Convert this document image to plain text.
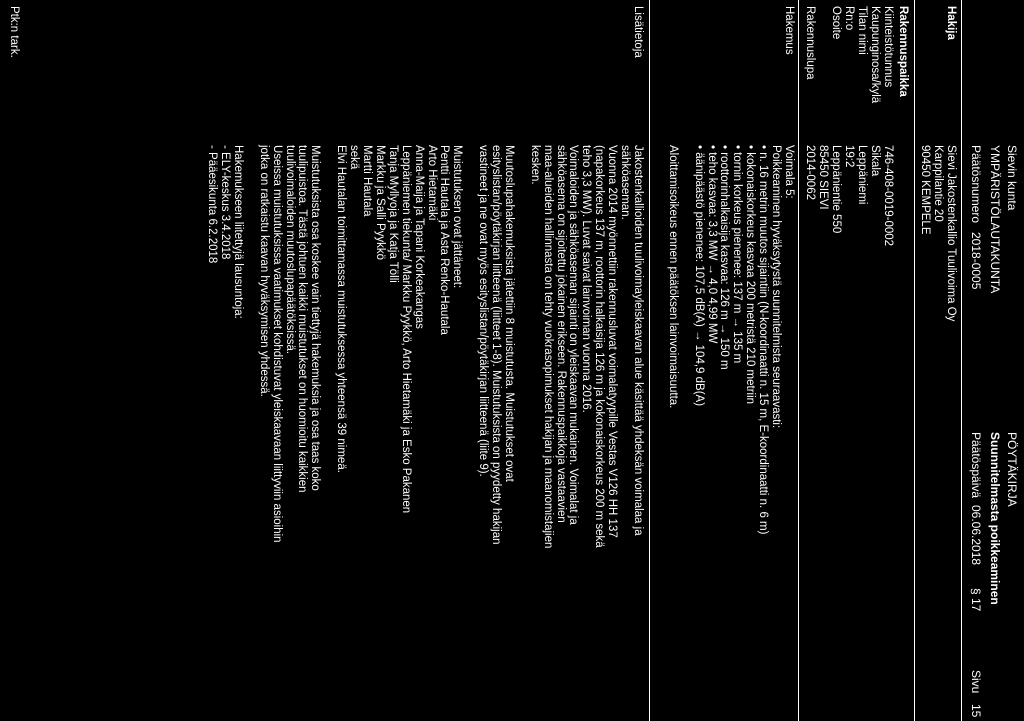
Sievin kunta
PÖYTÄKIRJA
YMPÄRISTÖLAUTAKUNTA
Suunnitelmasta poikkeaminen
Päätösnumero
2018-0005
Päätöspäivä
06.06.2018
§ 17
Sivu
15
Hakija
Sievi Jakostenkallio Tuulivoima Oy
Karppilantie 20
90450 KEMPELE
Rakennuspaikka
Kiinteistötunnus
746-408-0019-0002
Kaupunginosa/kylä
Sikala
Tilan nimi
Leppäniemi
Rn:o
19:2
Osoite
Leppänientie 550
85450 SIEVI
Rakennuslupa
2014-0062
Hakemus
Voimala 5:
Poikkeaminen hyväksytystä suunnitelmista seuraavasti:
• n. 16 metrin muutos sijaintiin (N-koordinaatti n. 15 m, E-koordinaatti n. 6 m)
• kokonaiskorkeus kasvaa 200 metristä 210 metriin
• tornin korkeus pienenee: 137 m → 135 m
• roottorinhalkaisija kasvaa: 126 m → 150 m
• teho kasvaa: 3,3 MW → 4,0 4,99 MW
• äänipäästö pienenee: 107,5 dB(A) → 104,9 dB(A)
Aloittamisoikeus ennen päätöksen lainvoimaisuutta.
Lisätietoja
Jakostenkallioiden tuulivoimayleiskaavan alue käsittää yhdeksän voimalaa ja
sähköaseman.
Vuonna 2014 myönnettiin rakennusluvat voimalatyypille Vestas V126 HH 137
(napakorkeus 137 m, roottorin halkaisija 126 m ja kokonaiskorkeus 200 m sekä
teho 3,3 MW). Luvat saivat lainvoiman vuonna 2016.
Voimaloiden ja sähköaseman sijainti on yleiskaavan mukainen. Voimalat ja
sähköasema on sijoitettu jokainen erikseen. Rakennuspaikkoja vastaavien
maa-alueiden hallinnasta on tehty vuokrasopimukset hakijan ja maanomistajien
kesken.
Muutoslupahakemuksista jätettiin 8 muistutusta. Muistutukset ovat
esityslistan/pöytäkirjan liitteenä (liitteet 1-8). Muistutuksista on pyydetty hakijan
vastineet ja ne ovat myös esityslistan/pöytäkirjan liitteenä (liite 9).
Muistutuksen ovat jättäneet:
Pentti Hautala ja Asta Renko-Hautala
Arto Hietamäki
Anna-Maija ja Tapani Korkeakangas
Leppäniemen tiekunta/ Markku Pyykkö, Arto Hietamäki ja Esko Pakanen
Tanja Myllyoja ja Katja Tölli
Markku ja Salli Pyykkö
Martti Hautala
sekä
Elvi Hautalan toimittamassa muistutuksessa yhteensä 39 nimeä.
Muistutuksista osa koskee vain tiettyjä hakemuksia ja osa taas koko
tuulipuistoa. Tästä johtuen kaikki muistutukset on huomioitu kaikkien
tuulivoimaloiden muutoslupapäätöksissä.
Useissa muistutuksissa vaatimukset kohdistuvat yleiskaavaan liittyviin asioihin
jotka on ratkaistu kaavan hyväksymisen yhdessä.
Hakemukseen liitettyjä lausuntoja:
- ELY-keskus 3.4.2018
- Pääesikunta 6.2.2018
Ptk:n tark.
